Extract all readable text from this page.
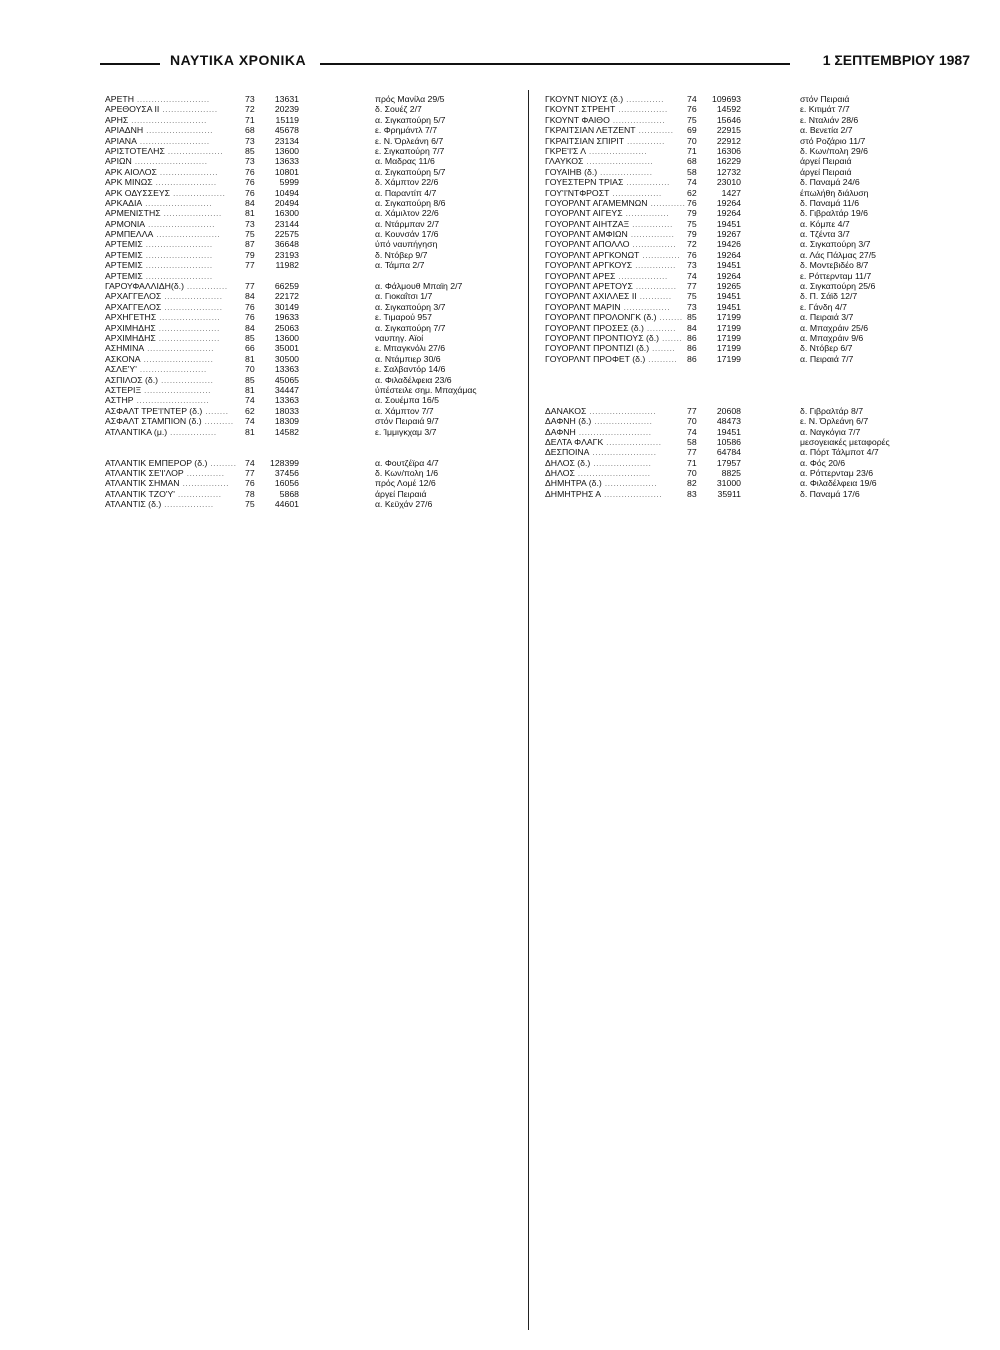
ΝΑΥΤΙΚΑ ΧΡΟΝΙΚΑ	1 ΣΕΠΤΕΜΒΡΙΟΥ 1987
ΑΡΕΤΗ .........................	73	13631	πρός Μανίλα 29/5
ΑΡΕΘΟΥΣΑ ΙΙ ...................	72	20239	δ. Σουέζ 2/7
ΑΡΗΣ ..........................	71	15119	α. Σιγκαπούρη 5/7
ΑΡΙΑΔΝΗ .......................	68	45678	ε. Φρημάντλ 7/7
ΑΡΙΑΝΑ ........................	73	23134	ε. Ν. Όρλεάνη 6/7
ΑΡΙΣΤΟΤΕΛΗΣ ...................	85	13600	ε. Σιγκαπούρη 7/7
ΑΡΙΩΝ .........................	73	13633	α. Μαδρας 11/6
ΑΡΚ ΑΙΟΛΟΣ ....................	76	10801	α. Σιγκαπούρη 5/7
ΑΡΚ ΜΙΝΩΣ .....................	76	5999	δ. Χάμπτον 22/6
ΑΡΚ ΟΔΥΣΣΕΥΣ .................. 76	10494	α. Παραντίπ 4/7
ΑΡΚΑΔΙΑ .......................	84	20494	α. Σιγκαπούρη 8/6
ΑΡΜΕΝΙΣΤΗΣ ....................	81	16300	α. Χάμιλτον 22/6
ΑΡΜΟΝΙΑ .......................	73	23144	α. Ντάρμπαν 2/7
ΑΡΜΠΕΛΛΑ ......................	75	22575	α. Κουνσάν 17/6
ΑΡΤΕΜΙΣ .......................	87	36648	ύπό ναυπήγηση
ΑΡΤΕΜΙΣ .......................	79	23193	δ. Ντόβερ 9/7
ΑΡΤΕΜΙΣ .......................	77	11982	α. Τάμπα 2/7
ΑΡΤΕΜΙΣ .......................
ΓΑΡΟΥΦΑΛΛΙΔΗ(δ.) .............. 77	66259	α. Φάλμουθ Μπαϊη 2/7
ΑΡΧΑΓΓΕΛΟΣ ....................	84	22172	α. Γιοκαΐτσι 1/7
ΑΡΧΑΓΓΕΛΟΣ ....................	76	30149	α. Σιγκαπούρη 3/7
ΑΡΧΗΓΕΤΗΣ .....................	76	19633	ε. Τιμαρού 957
ΑΡΧΙΜΗΔΗΣ .....................	84	25063	α. Σιγκαπούρη 7/7
ΑΡΧΙΜΗΔΗΣ .....................	85	13600	ναυπηγ. Αϊοί
ΑΣΗΜΙΝΑ .......................	66	35001	ε. Μπαγκνόλι 27/6
ΑΣΚΟΝΑ ........................	81	30500	α. Ντάμπιερ 30/6
ΑΣΛΕ'Υ' .......................	70	13363	ε. Σαλβαντόρ 14/6
ΑΣΠΙΛΟΣ (δ.) ..................	85	45065	α. Φιλαδέλφεια 23/6
ΑΣΤΕΡΙΞ .......................	81	34447	ύπέστειλε σημ. Μπαχάμας
ΑΣΤΗΡ .........................	74	13363	α. Σουέμπα 16/5
ΑΣΦΑΛΤ ΤΡΕ'Ι'ΝΤΕΡ (δ.) ........ 62	18033	α. Χάμπτον 7/7
ΑΣΦΑΛΤ ΣΤΑΜΠΙΟΝ (δ.) .......... 74	18309	στόν Πειραιά 9/7
ΑΤΛΑΝΤΙΚΑ (μ.) ................	81	14582	ε. Ίμμιγκχαμ 3/7
ΑΤΛΑΝΤΙΚ ΕΜΠΕΡΟΡ (δ.) ......... 74	128399	α. Φουτζέϊρα 4/7
ΑΤΛΑΝΤΙΚ ΣΕ'Ι'ΛΟΡ ............. 77	37456	δ. Κων/πολη 1/6
ΑΤΛΑΝΤΙΚ ΣΗΜΑΝ ................ 76	16056	πρός Λομέ 12/6
ΑΤΛΑΝΤΙΚ ΤΖΟ'Υ' ...............	78	5868	άργεί Πειραιά
ΑΤΛΑΝΤΙΣ (δ.) .................	75	44601	α. Κεϋχάν 27/6
ΓΚΟΥΝΤ ΝΙΟΥΣ (δ.) .............	74	109693	στόν Πειραιά
ΓΚΟΥΝΤ ΣΤΡΕΗΤ ................. 76	14592	ε. Κιτιμάτ 7/7
ΓΚΟΥΝΤ ΦΑΙΘΟ ..................	75	15646	ε. Νταλιάν 28/6
ΓΚΡΑΙΤΣΙΑΝ ΛΕΤΖΕΝΤ ............ 69	22915	α. Βενετία 2/7
ΓΚΡΑΙΤΣΙΑΝ ΣΠΙΡΙΤ .............	70	22912	στό Ροζάριο 11/7
ΓΚΡΕ'Ι'Σ Λ ....................	71	16306	δ. Κων/πολη 29/6
ΓΛΑΥΚΟΣ .......................	68	16229	άργεί Πειραιά
ΓΟΥΑΙΗΒ (δ.) ..................	58	12732	άργεί Πειραιά
ΓΟΥΕΣΤΕΡΝ ΤΡΙΑΣ ............... 74	23010	δ. Παναμά 24/6
ΓΟΥ'Ι'ΝΤΦΡΟΣΤ .................	62	1427	έπωλήθη διάλυση
ΓΟΥΟΡΛΝΤ ΑΓΑΜΕΜΝΩΝ ............ 76	19264	δ. Παναμά 11/6
ΓΟΥΟΡΛΝΤ ΑΙΓΕΥΣ ............... 79	19264	δ. Γιβραλτάρ 19/6
ΓΟΥΟΡΛΝΤ ΑΙΗΤΖΑΞ .............. 75	19451	α. Κόμπε 4/7
ΓΟΥΟΡΛΝΤ ΑΜΦΙΩΝ ............... 79	19267	α. Τζέντα 3/7
ΓΟΥΟΡΛΝΤ ΑΠΟΛΛΟ ............... 72	19426	α. Σιγκαπούρη 3/7
ΓΟΥΟΡΛΝΤ ΑΡΓΚΟΝΩΤ ............. 76	19264	α. Λάς Πάλμας 27/5
ΓΟΥΟΡΛΝΤ ΑΡΓΚΟΥΣ .............. 73	19451	δ. Μοντεβιδέο 8/7
ΓΟΥΟΡΛΝΤ ΑΡΕΣ ................. 74	19264	ε. Ρόττερνταμ 11/7
ΓΟΥΟΡΛΝΤ ΑΡΕΤΟΥΣ .............. 77	19265	α. Σιγκαπούρη 25/6
ΓΟΥΟΡΛΝΤ ΑΧΙΛΛΕΣ ΙΙ ........... 75	19451	δ. Π. Σάϊδ 12/7
ΓΟΥΟΡΛΝΤ ΜΑΡΙΝ ................ 73	19451	ε. Γάνδη 4/7
ΓΟΥΟΡΛΝΤ ΠΡΟΛΟΝΓΚ (δ.) ........ 85	17199	α. Πειραιά 3/7
ΓΟΥΟΡΛΝΤ ΠΡΟΣΕΣ (δ.) .......... 84	17199	α. Μπαχράιν 25/6
ΓΟΥΟΡΛΝΤ ΠΡΟΝΤΙΟΥΣ (δ.) ....... 86	17199	α. Μπαχράιν 9/6
ΓΟΥΟΡΛΝΤ ΠΡΟΝΤΙΖΙ (δ.) ........ 86	17199	δ. Ντόβερ 6/7
ΓΟΥΟΡΛΝΤ ΠΡΟΦΕΤ (δ.) .......... 86	17199	α. Πειραιά 7/7
ΔΑΝΑΚΟΣ .......................	77	20608	δ. Γιβραλτάρ 8/7
ΔΑΦΝΗ (δ.) ....................	70	48473	ε. Ν. Όρλεάνη 6/7
ΔΑΦΝΗ .........................	74	19451	α. Ναγκόγια 7/7
ΔΕΛΤΑ ΦΛΑΓΚ ...................	58	10586	μεσογειακές μεταφορές
ΔΕΣΠΟΙΝΑ ......................	77	64784	α. Πόρτ Τάλμποτ 4/7
ΔΗΛΟΣ (δ.) ....................	71	17957	α. Φός 20/6
ΔΗΛΟΣ .........................	70	8825	α. Ρόττερνταμ 23/6
ΔΗΜΗΤΡΑ (δ.) ..................	82	31000	α. Φιλαδέλφεια 19/6
ΔΗΜΗΤΡΗΣ Α ....................	83	35911	δ. Παναμά 17/6
